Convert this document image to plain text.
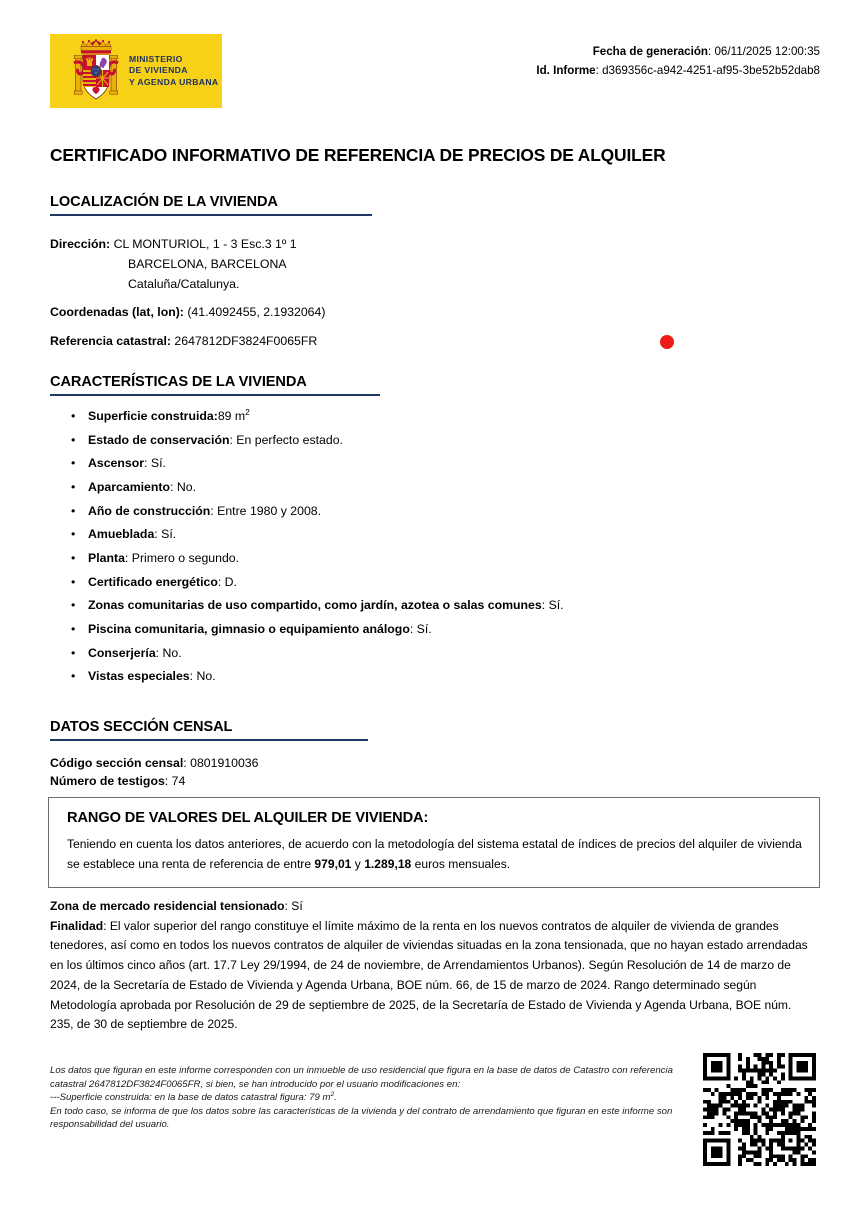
MINISTERIO
DE VIVIENDA
Y AGENDA URBANA
Fecha de generación: 06/11/2025 12:00:35
Id. Informe: d369356c-a942-4251-af95-3be52b52dab8
CERTIFICADO INFORMATIVO DE REFERENCIA DE PRECIOS DE ALQUILER
LOCALIZACIÓN DE LA VIVIENDA
Dirección: CL MONTURIOL, 1 - 3 Esc.3 1º 1
BARCELONA, BARCELONA
Cataluña/Catalunya.
Coordenadas (lat, lon): (41.4092455, 2.1932064)
Referencia catastral: 2647812DF3824F0065FR
CARACTERÍSTICAS DE LA VIVIENDA
• Superficie construida:89 $m^2$
• Estado de conservación: En perfecto estado.
• Ascensor: Sí.
• Aparcamiento: No.
• Año de construcción: Entre 1980 y 2008.
• Amueblada: Sí.
• Planta: Primero o segundo.
• Certificado energético: D.
• Zonas comunitarias de uso compartido, como jardín, azotea o salas comunes: Sí.
• Piscina comunitaria, gimnasio o equipamiento análogo: Sí.
• Conserjería: No.
• Vistas especiales: No.
DATOS SECCIÓN CENSAL
Código sección censal: 0801910036
Número de testigos: 74
RANGO DE VALORES DEL ALQUILER DE VIVIENDA:
Teniendo en cuenta los datos anteriores, de acuerdo con la metodología del sistema estatal de índices de precios del alquiler de vivienda se establece una renta de referencia de entre 979,01 y 1.289,18 euros mensuales.
Zona de mercado residencial tensionado: Sí
Finalidad: El valor superior del rango constituye el límite máximo de la renta en los nuevos contratos de alquiler de vivienda de grandes tenedores, así como en todos los nuevos contratos de alquiler de viviendas situadas en la zona tensionada, que no hayan estado arrendadas en los últimos cinco años (art. 17.7 Ley 29/1994, de 24 de noviembre, de Arrendamientos Urbanos). Según Resolución de 14 de marzo de 2024, de la Secretaría de Estado de Vivienda y Agenda Urbana, BOE núm. 66, de 15 de marzo de 2024. Rango determinado según Metodología aprobada por Resolución de 29 de septiembre de 2025, de la Secretaría de Estado de Vivienda y Agenda Urbana, BOE núm. 235, de 30 de septiembre de 2025.

Los datos que figuran en este informe corresponden con un inmueble de uso residencial que figura en la base de datos de Catastro con referencia catastral 2647812DF3824F0065FR, si bien, se han introducido por el usuario modificaciones en:

---Superficie construida: en la base de datos catastral figura: 79 $m^2$.

En todo caso, se informa de que los datos sobre las características de la vivienda y del contrato de arrendamiento que figuran en este informe son responsabilidad del usuario.
